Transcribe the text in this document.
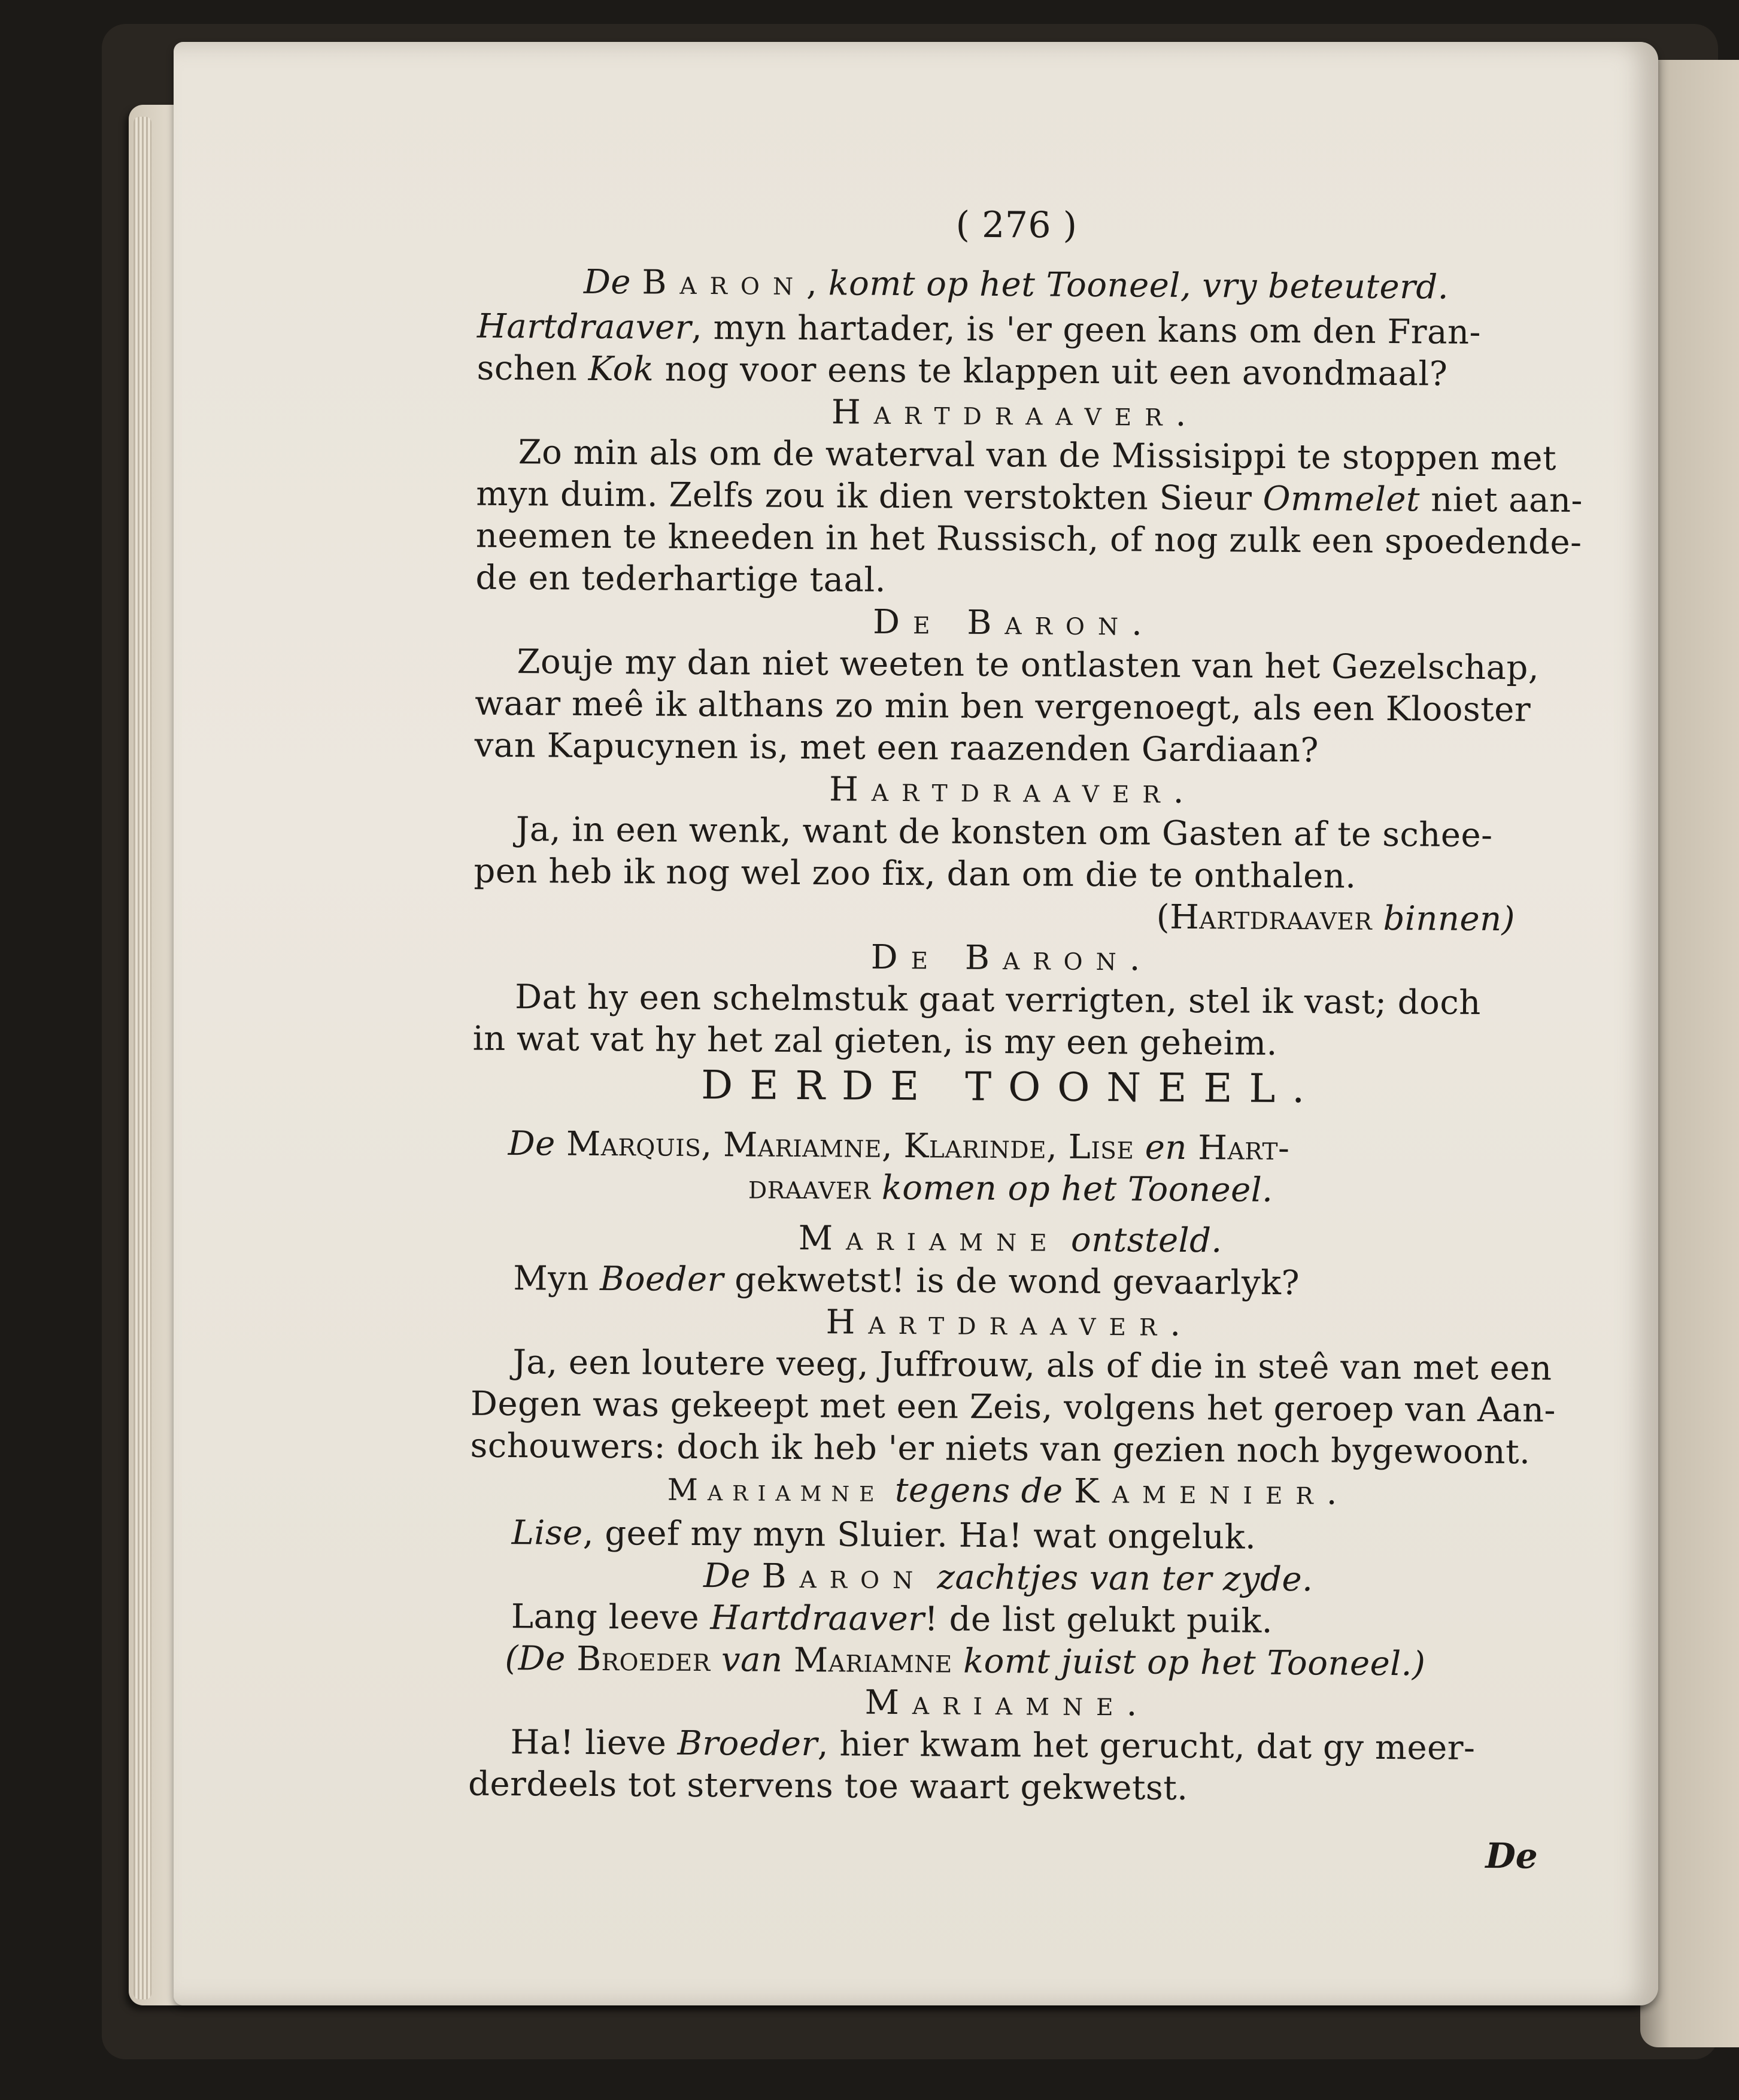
( 276 )
De Baron, komt op het Tooneel, vry beteuterd.
Hartdraaver, myn hartader, is 'er geen kans om den Fran-
schen Kok nog voor eens te klappen uit een avondmaal?
Hartdraaver.
Zo min als om de waterval van de Missisippi te stoppen met
myn duim. Zelfs zou ik dien verstokten Sieur Ommelet niet aan-
neemen te kneeden in het Russisch, of nog zulk een spoedende-
de en tederhartige taal.
De Baron.
Zouje my dan niet weeten te ontlasten van het Gezelschap,
waar meê ik althans zo min ben vergenoegt, als een Klooster
van Kapucynen is, met een raazenden Gardiaan?
Hartdraaver.
Ja, in een wenk, want de konsten om Gasten af te schee-
pen heb ik nog wel zoo fix, dan om die te onthalen.
(Hartdraaver binnen)
De Baron.
Dat hy een schelmstuk gaat verrigten, stel ik vast; doch
in wat vat hy het zal gieten, is my een geheim.
DERDE TOONEEL.
De Marquis, Mariamne, Klarinde, Lise en Hart-
draaver komen op het Tooneel.
Mariamne ontsteld.
Myn Boeder gekwetst! is de wond gevaarlyk?
Hartdraaver.
Ja, een loutere veeg, Juffrouw, als of die in steê van met een
Degen was gekeept met een Zeis, volgens het geroep van Aan-
schouwers: doch ik heb 'er niets van gezien noch bygewoont.
Mariamne tegens de Kamenier.
Lise, geef my myn Sluier. Ha! wat ongeluk.
De Baron zachtjes van ter zyde.
Lang leeve Hartdraaver! de list gelukt puik.
(De Broeder van Mariamne komt juist op het Tooneel.)
Mariamne.
Ha! lieve Broeder, hier kwam het gerucht, dat gy meer-
derdeels tot stervens toe waart gekwetst.
De
